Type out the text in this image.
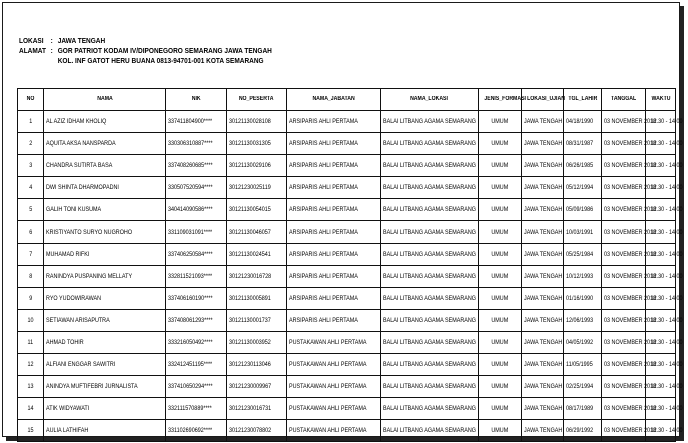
LOKASI : JAWA TENGAH
ALAMAT : GOR PATRIOT KODAM IV/DIPONEGORO SEMARANG JAWA TENGAH
KOL. INF GATOT HERU BUANA 0813-94701-001 KOTA SEMARANG
NO	NAMA	NIK	NO_PESERTA	NAMA_JABATAN	NAMA_LOKASI	JENIS_FORMASI	LOKASI_UJIAN	TGL_LAHIR	TANGGAL	WAKTU
1	AL AZIZ IDHAM KHOLIQ	337411804900****	30121130028108	ARSIPARIS AHLI PERTAMA	BALAI LITBANG AGAMA SEMARANG	UMUM	JAWA TENGAH	04/18/1990	03 NOVEMBER 2018	12.30 - 14.00
2	AQUITA AKSA NANSPARDA	330306310887****	30121130031305	ARSIPARIS AHLI PERTAMA	BALAI LITBANG AGAMA SEMARANG	UMUM	JAWA TENGAH	08/31/1987	03 NOVEMBER 2018	12.30 - 14.00
3	CHANDRA SUTIRTA BASA	337408260685****	30121130029106	ARSIPARIS AHLI PERTAMA	BALAI LITBANG AGAMA SEMARANG	UMUM	JAWA TENGAH	06/26/1985	03 NOVEMBER 2018	12.30 - 14.00
4	DWI SHINTA DHARMOPADNI	330507520594****	30121230025119	ARSIPARIS AHLI PERTAMA	BALAI LITBANG AGAMA SEMARANG	UMUM	JAWA TENGAH	05/12/1994	03 NOVEMBER 2018	12.30 - 14.00
5	GALIH TONI KUSUMA	340414090586****	30121130054015	ARSIPARIS AHLI PERTAMA	BALAI LITBANG AGAMA SEMARANG	UMUM	JAWA TENGAH	05/09/1986	03 NOVEMBER 2018	12.30 - 14.00
6	KRISTIYANTO SURYO NUGROHO	331109031091****	30121130046057	ARSIPARIS AHLI PERTAMA	BALAI LITBANG AGAMA SEMARANG	UMUM	JAWA TENGAH	10/03/1991	03 NOVEMBER 2018	12.30 - 14.00
7	MUHAMAD RIFKI	337406250584****	30121130024541	ARSIPARIS AHLI PERTAMA	BALAI LITBANG AGAMA SEMARANG	UMUM	JAWA TENGAH	05/25/1984	03 NOVEMBER 2018	12.30 - 14.00
8	RANINDYA PUSPANING MELLATY	332811521093****	30121230016728	ARSIPARIS AHLI PERTAMA	BALAI LITBANG AGAMA SEMARANG	UMUM	JAWA TENGAH	10/12/1993	03 NOVEMBER 2018	12.30 - 14.00
9	RYO YUDOWIRAWAN	337406160190****	30121130005891	ARSIPARIS AHLI PERTAMA	BALAI LITBANG AGAMA SEMARANG	UMUM	JAWA TENGAH	01/16/1990	03 NOVEMBER 2018	12.30 - 14.00
10	SETIAWAN ARISAPUTRA	337408061293****	30121130001737	ARSIPARIS AHLI PERTAMA	BALAI LITBANG AGAMA SEMARANG	UMUM	JAWA TENGAH	12/06/1993	03 NOVEMBER 2018	12.30 - 14.00
11	AHMAD TOHIR	333216050492****	30121130003952	PUSTAKAWAN AHLI PERTAMA	BALAI LITBANG AGAMA SEMARANG	UMUM	JAWA TENGAH	04/05/1992	03 NOVEMBER 2018	12.30 - 14.00
12	ALFIANI ENGGAR SAWITRI	332412451195****	30121230113046	PUSTAKAWAN AHLI PERTAMA	BALAI LITBANG AGAMA SEMARANG	UMUM	JAWA TENGAH	11/05/1995	03 NOVEMBER 2018	12.30 - 14.00
13	ANINDYA MUFTIFEBRI JURNALISTA	337410650294****	30121230009967	PUSTAKAWAN AHLI PERTAMA	BALAI LITBANG AGAMA SEMARANG	UMUM	JAWA TENGAH	02/25/1994	03 NOVEMBER 2018	12.30 - 14.00
14	ATIK WIDYAWATI	332111570889****	30121230016731	PUSTAKAWAN AHLI PERTAMA	BALAI LITBANG AGAMA SEMARANG	UMUM	JAWA TENGAH	08/17/1989	03 NOVEMBER 2018	12.30 - 14.00
15	AULIA LATHIFAH	331102690692****	30121230078802	PUSTAKAWAN AHLI PERTAMA	BALAI LITBANG AGAMA SEMARANG	UMUM	JAWA TENGAH	06/29/1992	03 NOVEMBER 2018	12.30 - 14.00
